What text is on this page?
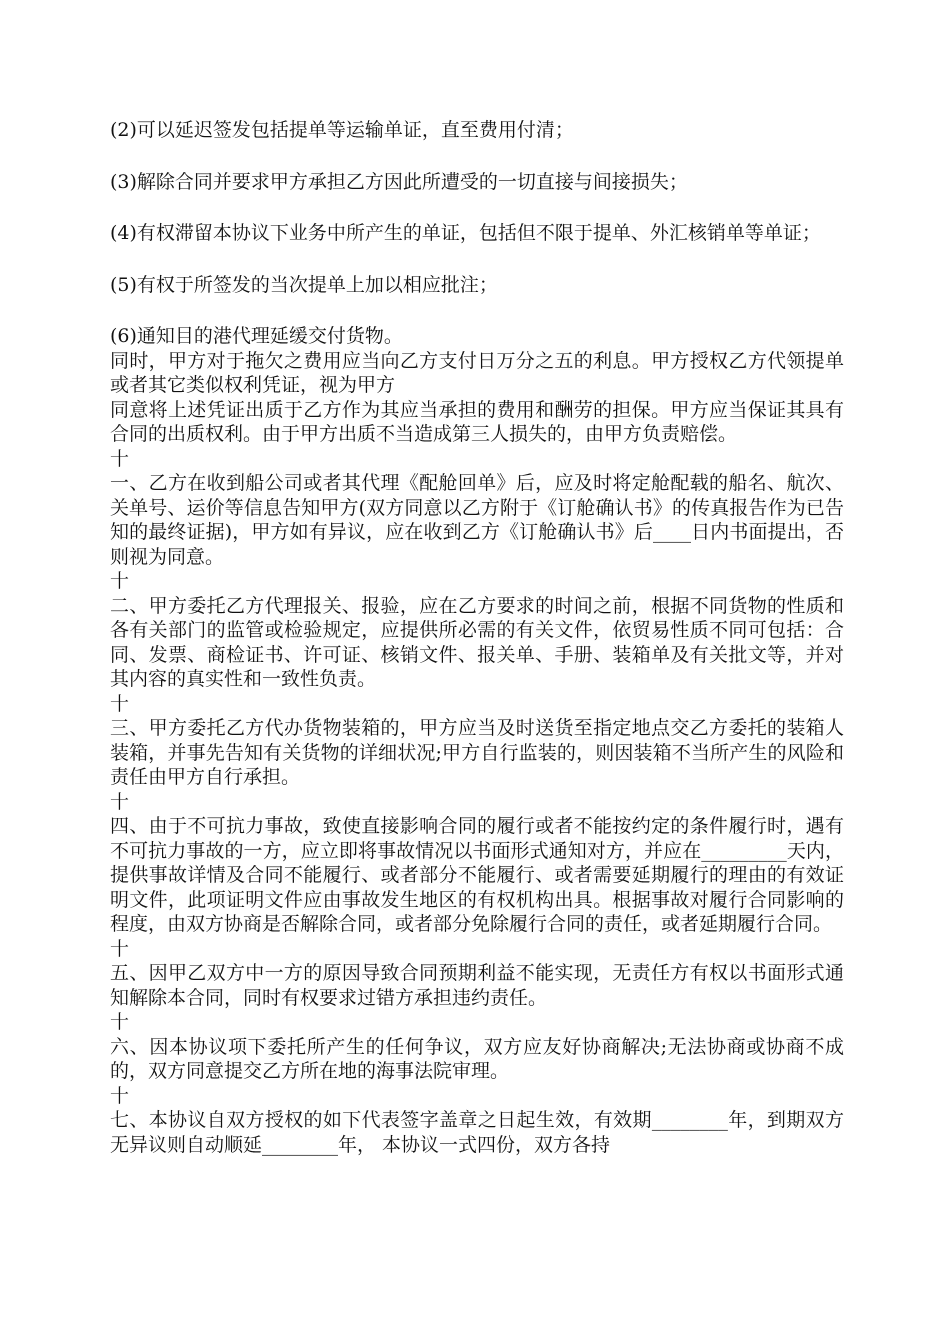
(2)可以延迟签发包括提单等运输单证，直至费用付清；

(3)解除合同并要求甲方承担乙方因此所遭受的一切直接与间接损失；

(4)有权滞留本协议下业务中所产生的单证，包括但不限于提单、外汇核销单等单证；

(5)有权于所签发的当次提单上加以相应批注；

(6)通知目的港代理延缓交付货物。

同时，甲方对于拖欠之费用应当向乙方支付日万分之五的利息。甲方授权乙方代领提单或者其它类似权利凭证，视为甲方

同意将上述凭证出质于乙方作为其应当承担的费用和酬劳的担保。甲方应当保证其具有合同的出质权利。由于甲方出质不当造成第三人损失的，由甲方负责赔偿。

十

一、乙方在收到船公司或者其代理《配舱回单》后，应及时将定舱配载的船名、航次、关单号、运价等信息告知甲方(双方同意以乙方附于《订舱确认书》的传真报告作为已告知的最终证据)，甲方如有异议，应在收到乙方《订舱确认书》后____日内书面提出，否则视为同意。

十

二、甲方委托乙方代理报关、报验，应在乙方要求的时间之前，根据不同货物的性质和各有关部门的监管或检验规定，应提供所必需的有关文件，依贸易性质不同可包括：合同、发票、商检证书、许可证、核销文件、报关单、手册、装箱单及有关批文等，并对其内容的真实性和一致性负责。

十

三、甲方委托乙方代办货物装箱的，甲方应当及时送货至指定地点交乙方委托的装箱人装箱，并事先告知有关货物的详细状况;甲方自行监装的，则因装箱不当所产生的风险和责任由甲方自行承担。

十

四、由于不可抗力事故，致使直接影响合同的履行或者不能按约定的条件履行时，遇有不可抗力事故的一方，应立即将事故情况以书面形式通知对方，并应在_________天内，提供事故详情及合同不能履行、或者部分不能履行、或者需要延期履行的理由的有效证明文件，此项证明文件应由事故发生地区的有权机构出具。根据事故对履行合同影响的程度，由双方协商是否解除合同，或者部分免除履行合同的责任，或者延期履行合同。

十

五、因甲乙双方中一方的原因导致合同预期利益不能实现，无责任方有权以书面形式通知解除本合同，同时有权要求过错方承担违约责任。

十

六、因本协议项下委托所产生的任何争议，双方应友好协商解决;无法协商或协商不成的，双方同意提交乙方所在地的海事法院审理。

十

七、本协议自双方授权的如下代表签字盖章之日起生效，有效期________年，到期双方无异议则自动顺延________年， 本协议一式四份，双方各持
